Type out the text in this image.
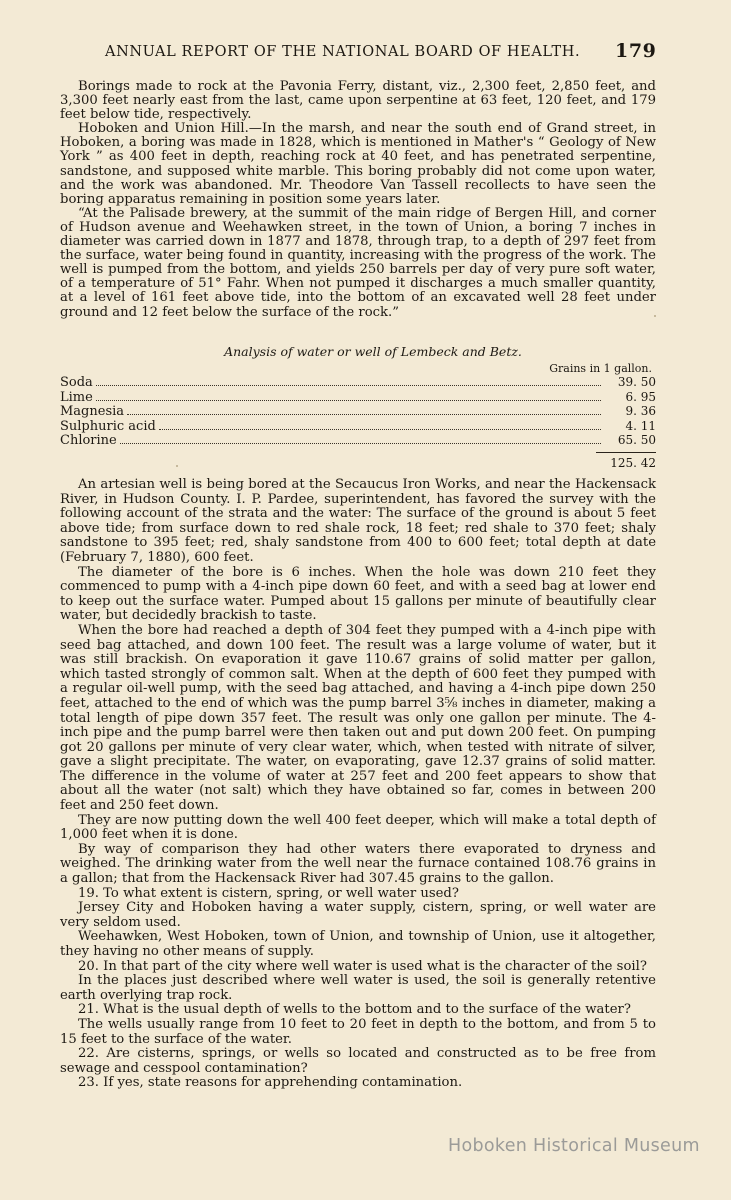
ANNUAL REPORT OF THE NATIONAL BOARD OF HEALTH. 179

Borings made to rock at the Pavonia Ferry, distant, viz., 2,300 feet, 2,850 feet, and 3,300 feet nearly east from the last, came upon serpentine at 63 feet, 120 feet, and 179 feet below tide, respectively.

Hoboken and Union Hill.—In the marsh, and near the south end of Grand street, in Hoboken, a boring was made in 1828, which is mentioned in Mather's “ Geology of New York ” as 400 feet in depth, reaching rock at 40 feet, and has penetrated serpentine, sandstone, and supposed white marble. This boring probably did not come upon water, and the work was abandoned. Mr. Theodore Van Tassell recollects to have seen the boring apparatus remaining in position some years later.

“At the Palisade brewery, at the summit of the main ridge of Bergen Hill, and corner of Hudson avenue and Weehawken street, in the town of Union, a boring 7 inches in diameter was carried down in 1877 and 1878, through trap, to a depth of 297 feet from the surface, water being found in quantity, increasing with the progress of the work. The well is pumped from the bottom, and yields 250 barrels per day of very pure soft water, of a temperature of 51° Fahr. When not pumped it discharges a much smaller quantity, at a level of 161 feet above tide, into the bottom of an excavated well 28 feet under ground and 12 feet below the surface of the rock.”

Analysis of water or well of Lembeck and Betz.
Grains in 1 gallon.
Soda	39. 50
Lime	6. 95
Magnesia	9. 36
Sulphuric acid	4. 11
Chlorine	65. 50
125. 42

An artesian well is being bored at the Secaucus Iron Works, and near the Hackensack River, in Hudson County. I. P. Pardee, superintendent, has favored the survey with the following account of the strata and the water: The surface of the ground is about 5 feet above tide; from surface down to red shale rock, 18 feet; red shale to 370 feet; shaly sandstone to 395 feet; red, shaly sandstone from 400 to 600 feet; total depth at date (February 7, 1880), 600 feet.

The diameter of the bore is 6 inches. When the hole was down 210 feet they commenced to pump with a 4-inch pipe down 60 feet, and with a seed bag at lower end to keep out the surface water. Pumped about 15 gallons per minute of beautifully clear water, but decidedly brackish to taste.

When the bore had reached a depth of 304 feet they pumped with a 4-inch pipe with seed bag attached, and down 100 feet. The result was a large volume of water, but it was still brackish. On evaporation it gave 110.67 grains of solid matter per gallon, which tasted strongly of common salt. When at the depth of 600 feet they pumped with a regular oil-well pump, with the seed bag attached, and having a 4-inch pipe down 250 feet, attached to the end of which was the pump barrel 3⅝ inches in diameter, making a total length of pipe down 357 feet. The result was only one gallon per minute. The 4-inch pipe and the pump barrel were then taken out and put down 200 feet. On pumping got 20 gallons per minute of very clear water, which, when tested with nitrate of silver, gave a slight precipitate. The water, on evaporating, gave 12.37 grains of solid matter. The difference in the volume of water at 257 feet and 200 feet appears to show that about all the water (not salt) which they have obtained so far, comes in between 200 feet and 250 feet down.

They are now putting down the well 400 feet deeper, which will make a total depth of 1,000 feet when it is done.

By way of comparison they had other waters there evaporated to dryness and weighed. The drinking water from the well near the furnace contained 108.76 grains in a gallon; that from the Hackensack River had 307.45 grains to the gallon.

19. To what extent is cistern, spring, or well water used?

Jersey City and Hoboken having a water supply, cistern, spring, or well water are very seldom used.

Weehawken, West Hoboken, town of Union, and township of Union, use it altogether, they having no other means of supply.

20. In that part of the city where well water is used what is the character of the soil?

In the places just described where well water is used, the soil is generally retentive earth overlying trap rock.

21. What is the usual depth of wells to the bottom and to the surface of the water?

The wells usually range from 10 feet to 20 feet in depth to the bottom, and from 5 to 15 feet to the surface of the water.

22. Are cisterns, springs, or wells so located and constructed as to be free from sewage and cesspool contamination?

23. If yes, state reasons for apprehending contamination.

Hoboken Historical Museum
